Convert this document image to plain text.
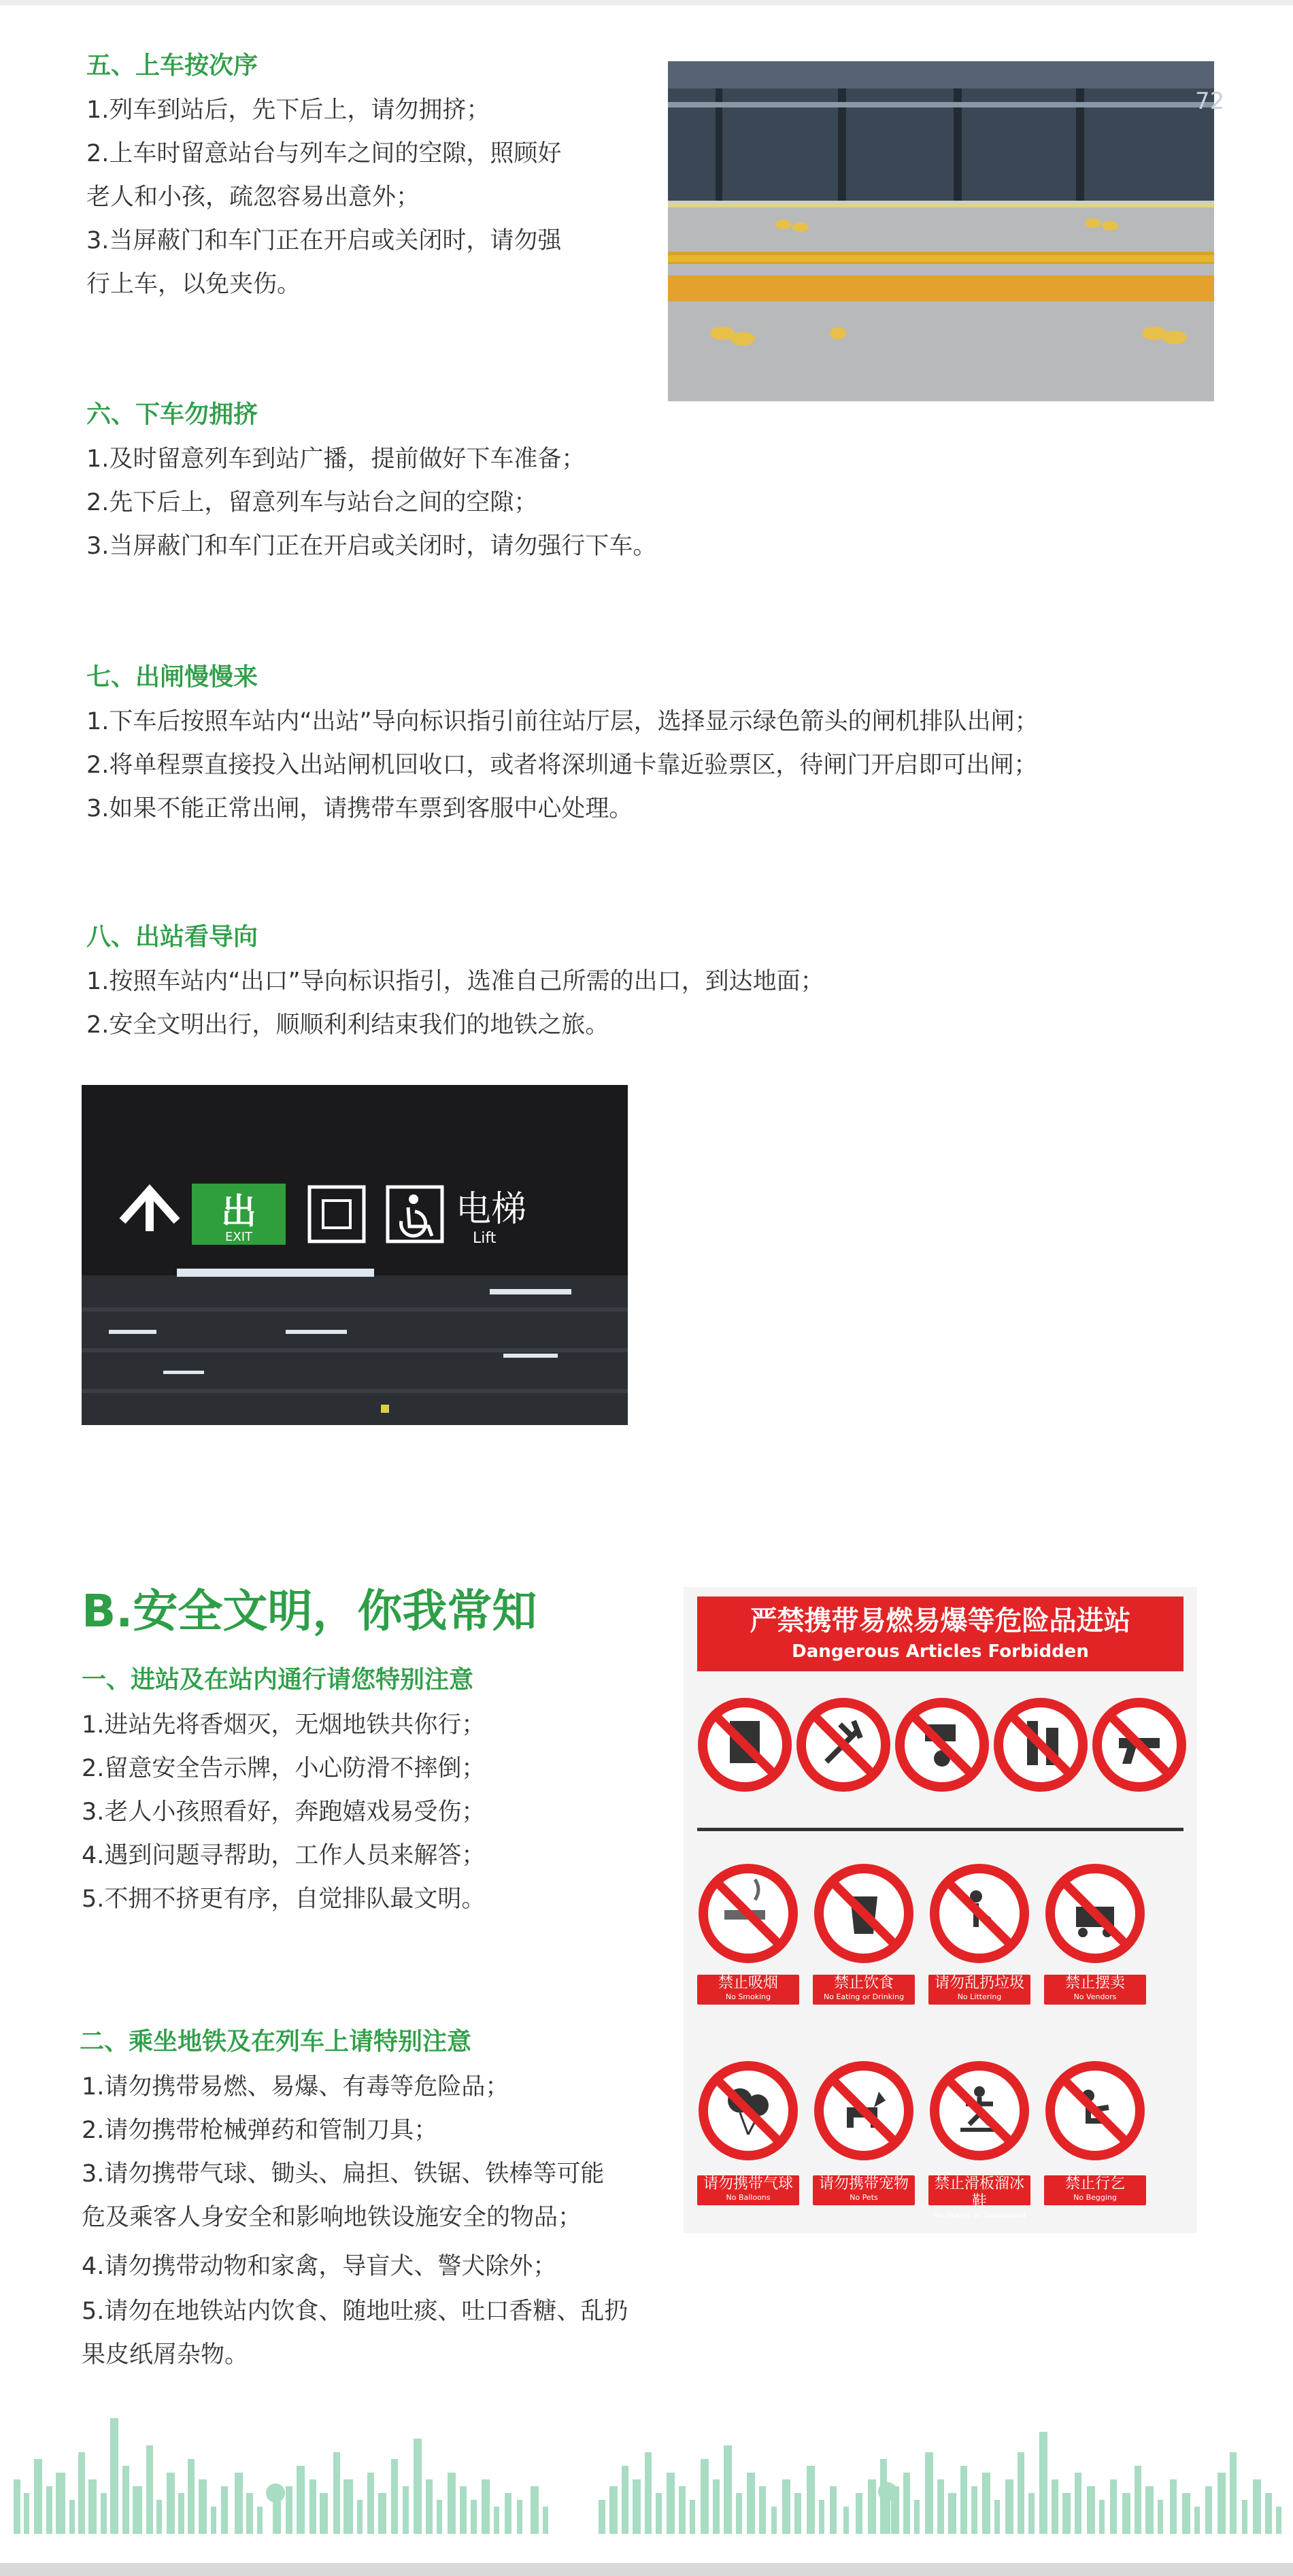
五、上车按次序
1.列车到站后，先下后上，请勿拥挤；
2.上车时留意站台与列车之间的空隙，照顾好
老人和小孩，疏忽容易出意外；
3.当屏蔽门和车门正在开启或关闭时，请勿强
行上车，以免夹伤。
72
六、下车勿拥挤
1.及时留意列车到站广播，提前做好下车准备；
2.先下后上，留意列车与站台之间的空隙；
3.当屏蔽门和车门正在开启或关闭时，请勿强行下车。
七、出闸慢慢来
1.下车后按照车站内“出站”导向标识指引前往站厅层，选择显示绿色箭头的闸机排队出闸；
2.将单程票直接投入出站闸机回收口，或者将深圳通卡靠近验票区，待闸门开启即可出闸；
3.如果不能正常出闸，请携带车票到客服中心处理。
八、出站看导向
1.按照车站内“出口”导向标识指引，选准自己所需的出口，到达地面；
2.安全文明出行，顺顺利利结束我们的地铁之旅。
出
EXIT
电梯
Lift
B.安全文明，你我常知
一、进站及在站内通行请您特别注意
1.进站先将香烟灭，无烟地铁共你行；
2.留意安全告示牌，小心防滑不摔倒；
3.老人小孩照看好，奔跑嬉戏易受伤；
4.遇到问题寻帮助，工作人员来解答；
5.不拥不挤更有序，自觉排队最文明。
二、乘坐地铁及在列车上请特别注意
1.请勿携带易燃、易爆、有毒等危险品；
2.请勿携带枪械弹药和管制刀具；
3.请勿携带气球、锄头、扁担、铁锯、铁棒等可能
危及乘客人身安全和影响地铁设施安全的物品；
4.请勿携带动物和家禽，导盲犬、警犬除外；
5.请勿在地铁站内饮食、随地吐痰、吐口香糖、乱扔
果皮纸屑杂物。
严禁携带易燃易爆等危险品进站
Dangerous Articles Forbidden
禁止吸烟
No Smoking
禁止饮食
No Eating or Drinking
请勿乱扔垃圾
No Littering
禁止摆卖
No Vendors
请勿携带气球
No Balloons
请勿携带宠物
No Pets
禁止滑板溜冰鞋
No Skates or Skateboard
禁止行乞
No Begging
